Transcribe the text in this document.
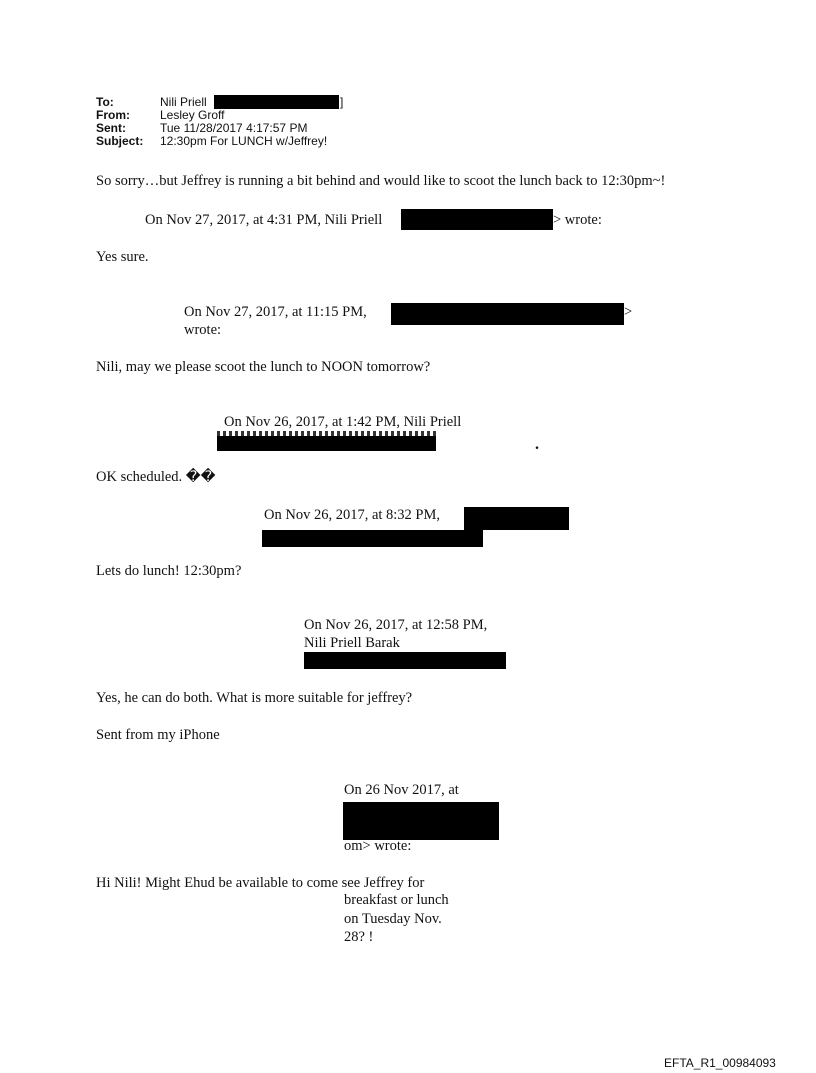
To:	Nili Priell	]
From:	Lesley Groff
Sent:	Tue 11/28/2017 4:17:57 PM
Subject: 12:30pm For LUNCH w/Jeffrey!
So sorry…but Jeffrey is running a bit behind and would like to scoot the lunch back to 12:30pm~!
On Nov 27, 2017, at 4:31 PM, Nili Priell	> wrote:
Yes sure.
On Nov 27, 2017, at 11:15 PM,	>
wrote:
Nili, may we please scoot the lunch to NOON tomorrow?
On Nov 26, 2017, at 1:42 PM, Nili Priell
.
OK scheduled. ��
On Nov 26, 2017, at 8:32 PM,
Lets do lunch! 12:30pm?
On Nov 26, 2017, at 12:58 PM,
Nili Priell Barak
Yes, he can do both. What is more suitable for jeffrey?
Sent from my iPhone
On 26 Nov 2017, at
om> wrote:
Hi Nili! Might Ehud be available to come see Jeffrey for
breakfast or lunch
on Tuesday Nov.
28? !
EFTA_R1_00984093
